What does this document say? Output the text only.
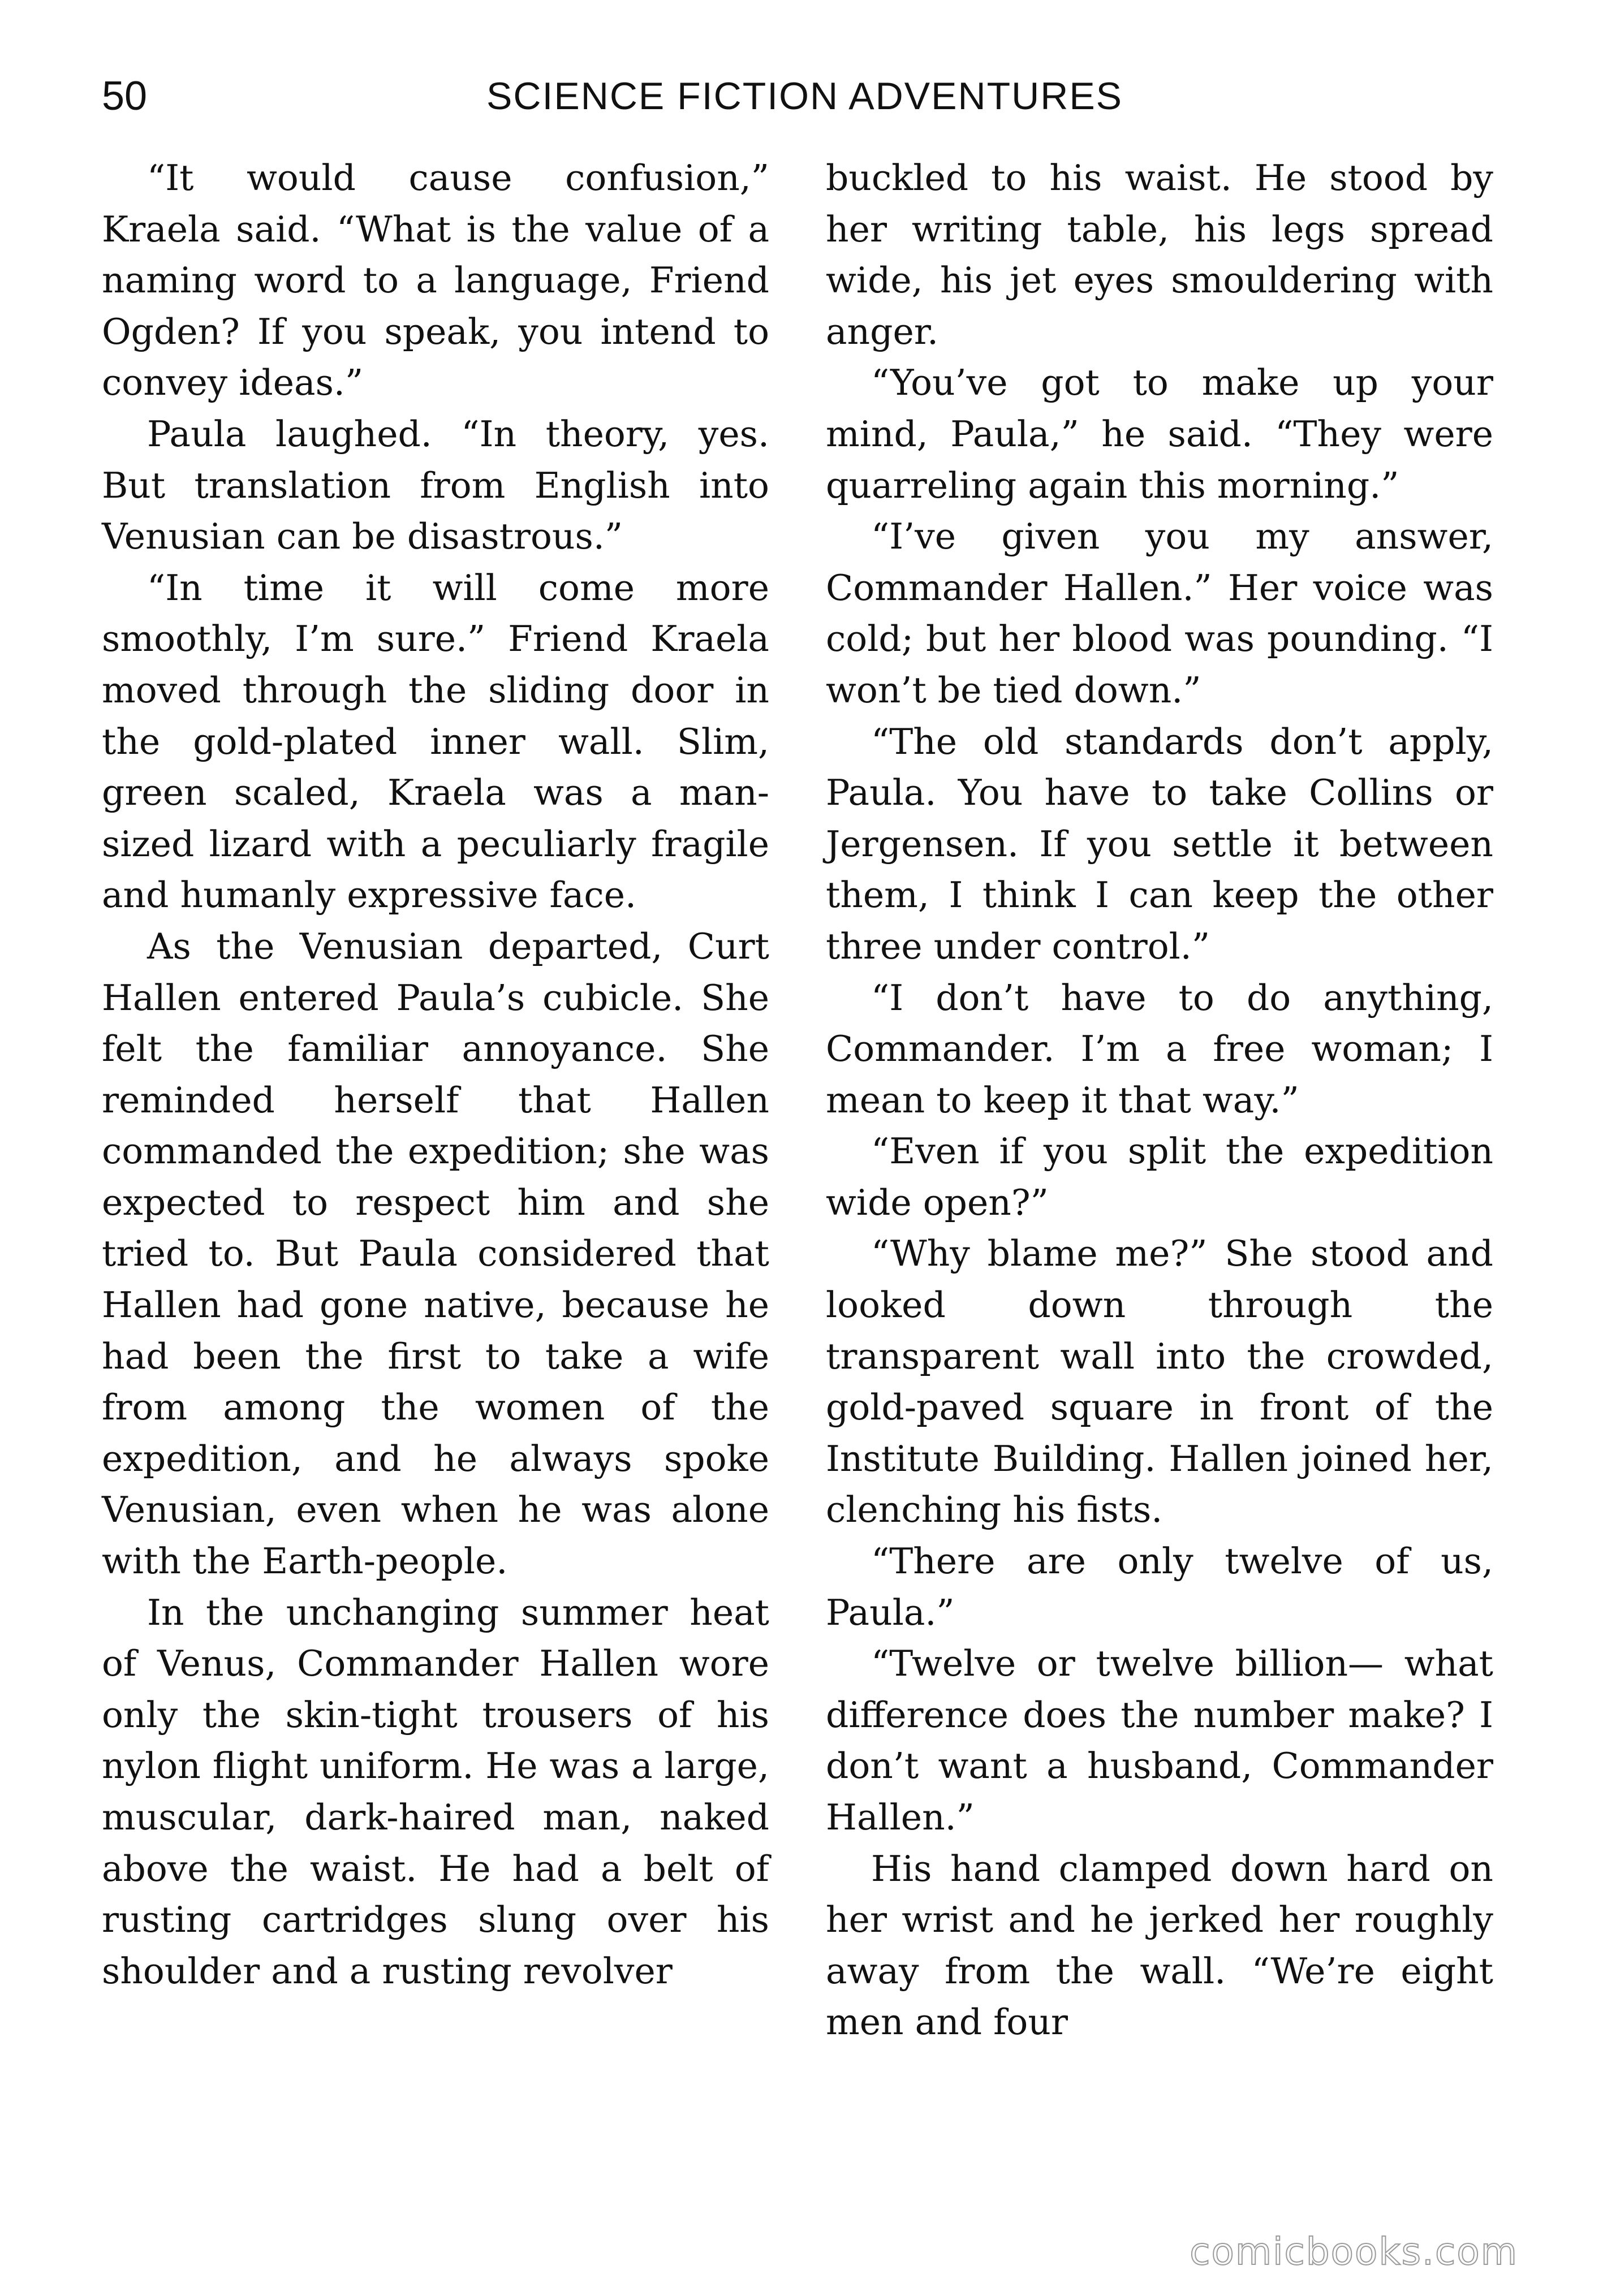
50	SCIENCE FICTION ADVENTURES

“It would cause confusion,” Kraela said. “What is the value of a naming word to a language, Friend Ogden? If you speak, you intend to convey ideas.”

Paula laughed. “In theory, yes. But translation from English into Venusian can be disastrous.”

“In time it will come more smoothly, I’m sure.” Friend Kraela moved through the sliding door in the gold-plated inner wall. Slim, green scaled, Kraela was a man-sized lizard with a peculiarly fragile and humanly expressive face.

As the Venusian departed, Curt Hallen entered Paula’s cubicle. She felt the familiar annoyance. She reminded herself that Hallen commanded the expedition; she was expected to respect him and she tried to. But Paula considered that Hallen had gone native, because he had been the first to take a wife from among the women of the expedition, and he always spoke Venusian, even when he was alone with the Earth-people.

In the unchanging summer heat of Venus, Commander Hallen wore only the skin-tight trousers of his nylon flight uniform. He was a large, muscular, dark-haired man, naked above the waist. He had a belt of rusting cartridges slung over his shoulder and a rusting revolver

buckled to his waist. He stood by her writing table, his legs spread wide, his jet eyes smouldering with anger.

“You’ve got to make up your mind, Paula,” he said. “They were quarreling again this morning.”

“I’ve given you my answer, Commander Hallen.” Her voice was cold; but her blood was pounding. “I won’t be tied down.”

“The old standards don’t apply, Paula. You have to take Collins or Jergensen. If you settle it between them, I think I can keep the other three under control.”

“I don’t have to do anything, Commander. I’m a free woman; I mean to keep it that way.”

“Even if you split the expedition wide open?”

“Why blame me?” She stood and looked down through the transparent wall into the crowded, gold-paved square in front of the Institute Building. Hallen joined her, clenching his fists.

“There are only twelve of us, Paula.”

“Twelve or twelve billion— what difference does the number make? I don’t want a husband, Commander Hallen.”

His hand clamped down hard on her wrist and he jerked her roughly away from the wall. “We’re eight men and four

comicbooks.com
